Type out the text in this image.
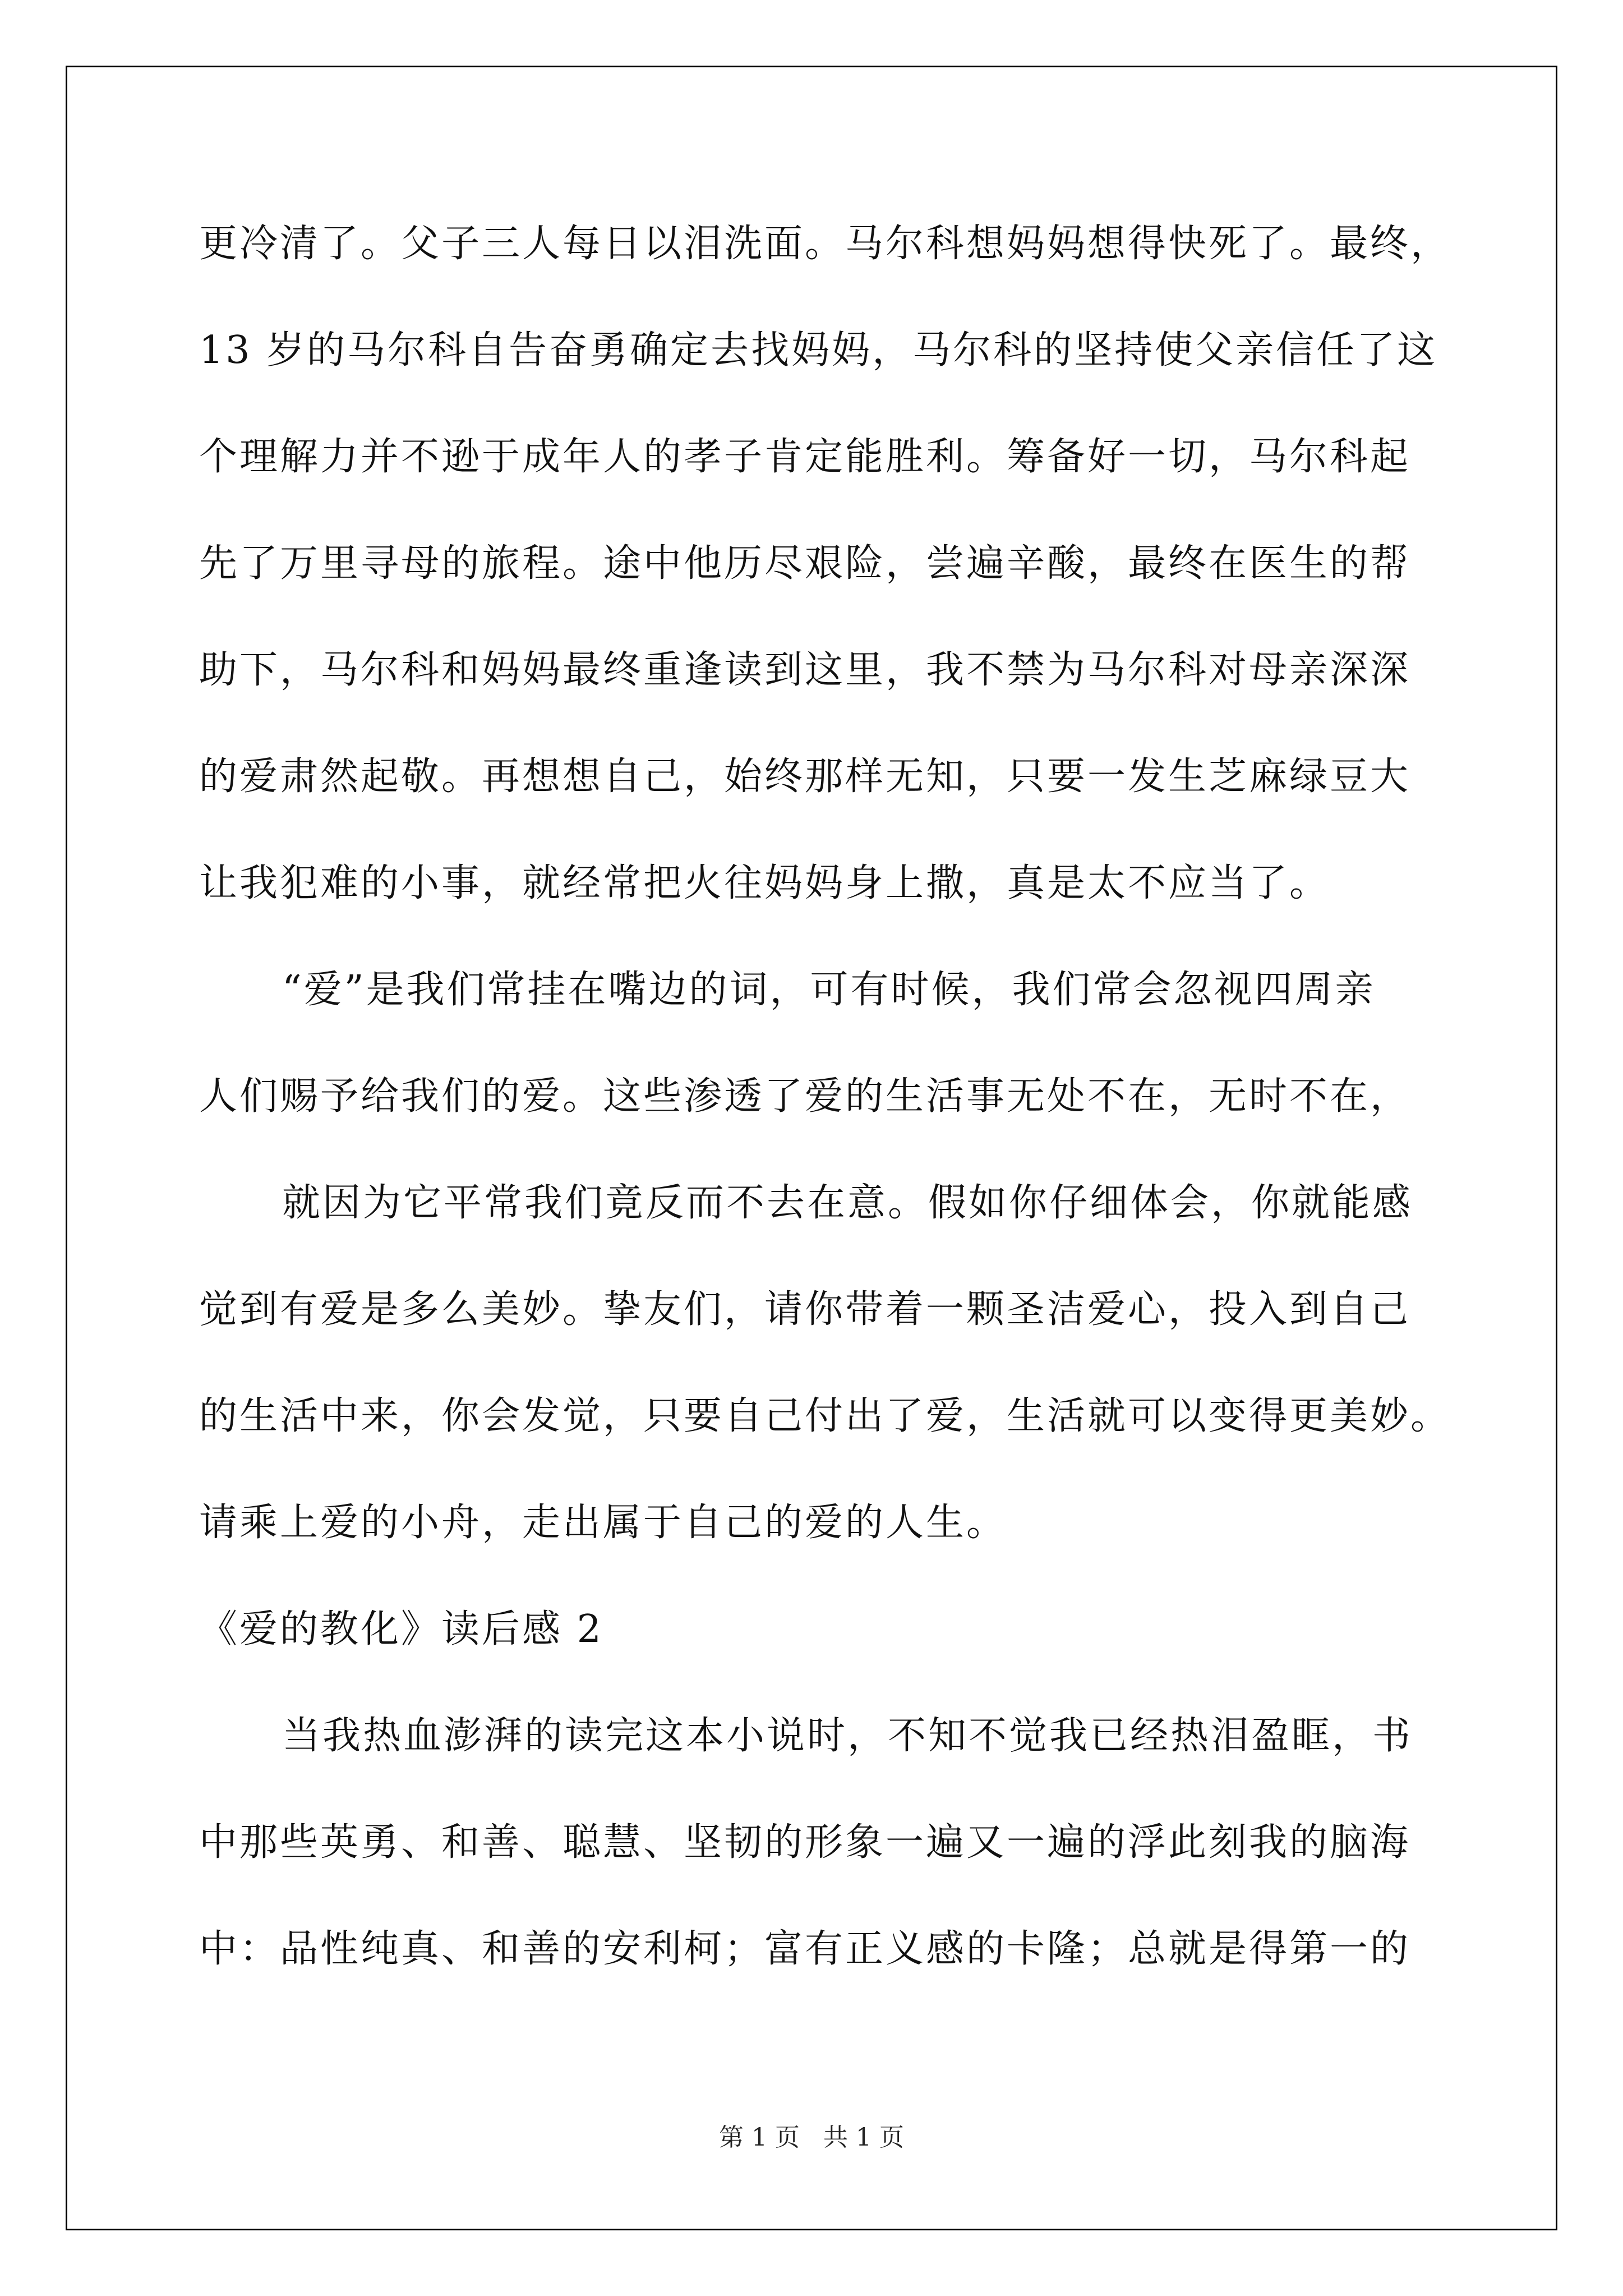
更冷清了。父子三人每日以泪洗面。马尔科想妈妈想得快死了。最终，
13 岁的马尔科自告奋勇确定去找妈妈，马尔科的坚持使父亲信任了这
个理解力并不逊于成年人的孝子肯定能胜利。筹备好一切，马尔科起
先了万里寻母的旅程。途中他历尽艰险，尝遍辛酸，最终在医生的帮
助下，马尔科和妈妈最终重逢读到这里，我不禁为马尔科对母亲深深
的爱肃然起敬。再想想自己，始终那样无知，只要一发生芝麻绿豆大
让我犯难的小事，就经常把火往妈妈身上撒，真是太不应当了。
“爱”是我们常挂在嘴边的词，可有时候，我们常会忽视四周亲
人们赐予给我们的爱。这些渗透了爱的生活事无处不在，无时不在，
就因为它平常我们竟反而不去在意。假如你仔细体会，你就能感
觉到有爱是多么美妙。挚友们，请你带着一颗圣洁爱心，投入到自己
的生活中来，你会发觉，只要自己付出了爱，生活就可以变得更美妙。
请乘上爱的小舟，走出属于自己的爱的人生。
《爱的教化》读后感 2
当我热血澎湃的读完这本小说时，不知不觉我已经热泪盈眶，书
中那些英勇、和善、聪慧、坚韧的形象一遍又一遍的浮此刻我的脑海
中：品性纯真、和善的安利柯；富有正义感的卡隆；总就是得第一的
第 1 页 共 1 页
